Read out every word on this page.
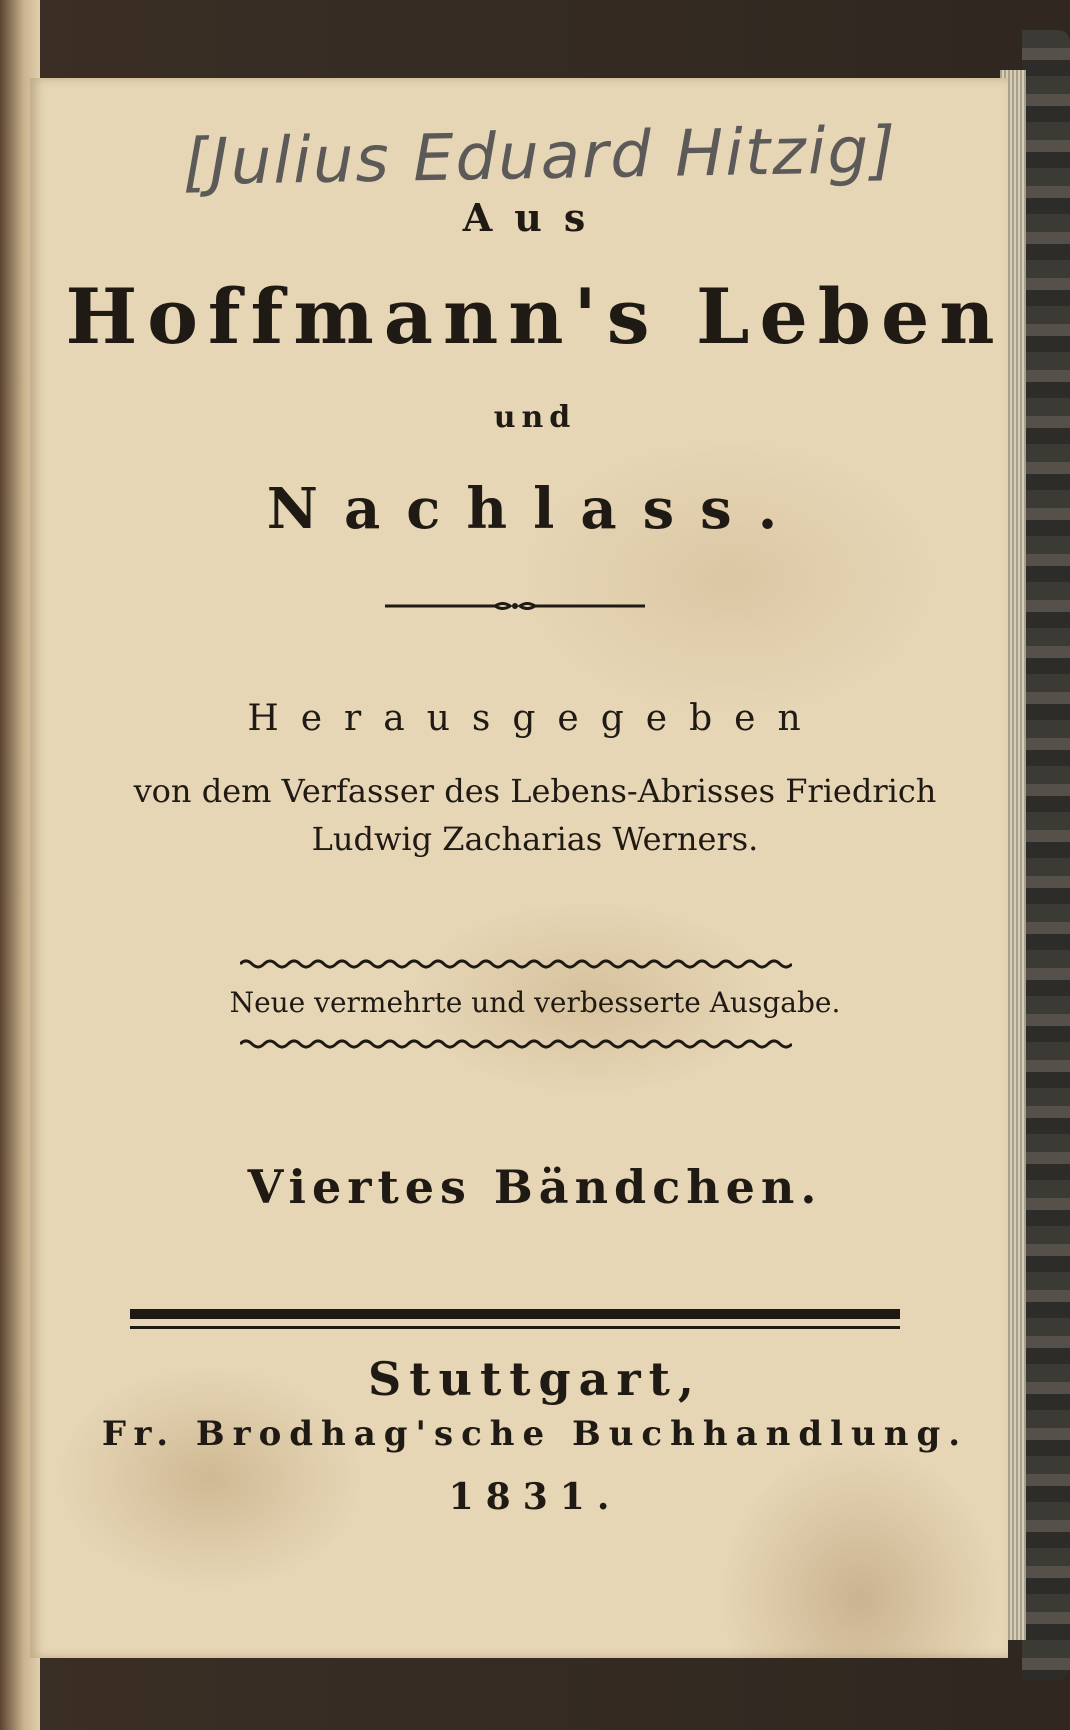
[Julius Eduard Hitzig]
Aus
Hoffmann's Leben
und
Nachlass.
Herausgegeben
von dem Verfasser des Lebens-Abrisses Friedrich
Ludwig Zacharias Werners.
Neue vermehrte und verbesserte Ausgabe.
Viertes Bändchen.
Stuttgart,
Fr. Brodhag'sche Buchhandlung.
1831.
